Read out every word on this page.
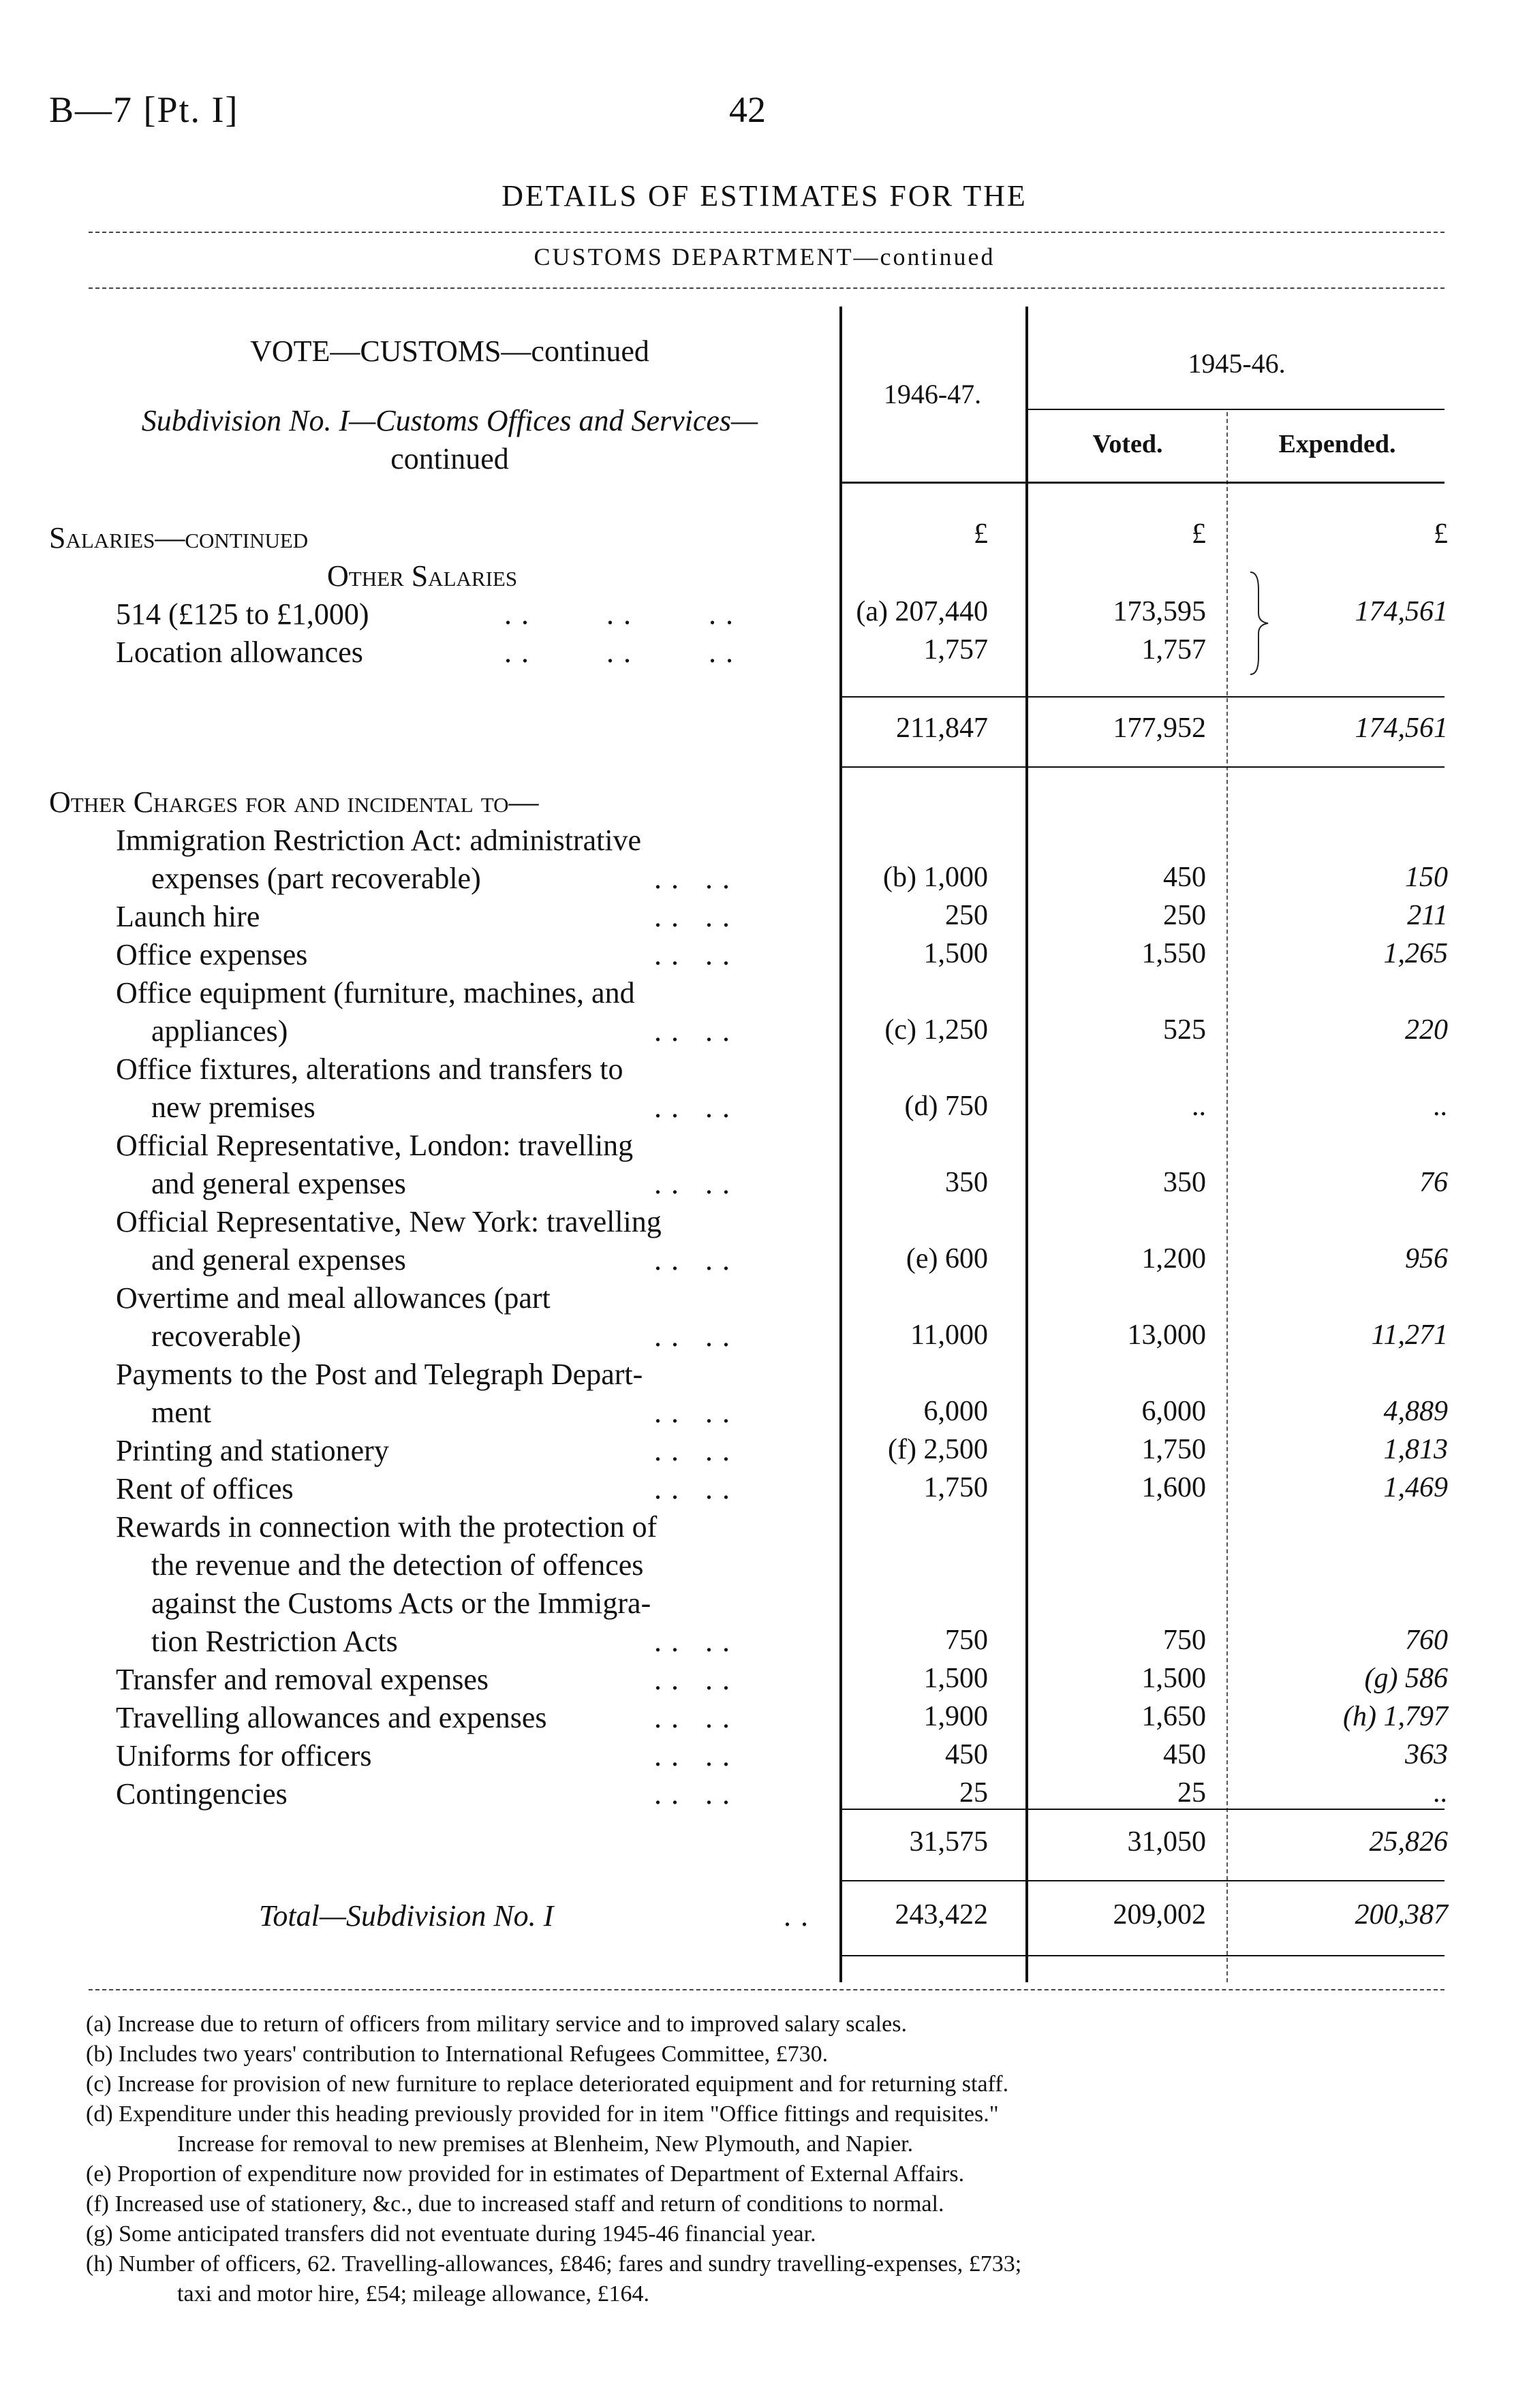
B—7 [Pt. I]	42
DETAILS OF ESTIMATES FOR THE
CUSTOMS DEPARTMENT—continued
1946-47.
1945-46.
Voted.	Expended.
VOTE—CUSTOMS—continued
Subdivision No. I—Customs Offices and Services—
continued
£	£	£
Salaries—continued
Other Salaries
514 (£125 to £1,000)	..    ..    ..	(a) 207,440	173,595	174,561
Location allowances	..    ..    ..	1,757	1,757
211,847	177,952	174,561
Other Charges for and incidental to—
Immigration Restriction Act: administrative
expenses (part recoverable)	.. ..	(b) 1,000	450	150
Launch hire	.. ..	250	250	211
Office expenses	.. ..	1,500	1,550	1,265
Office equipment (furniture, machines, and
appliances)	.. ..	(c) 1,250	525	220
Office fixtures, alterations and transfers to
new premises	.. ..	(d) 750	..	..
Official Representative, London: travelling
and general expenses	.. ..	350	350	76
Official Representative, New York: travelling
and general expenses	.. ..	(e) 600	1,200	956
Overtime and meal allowances (part
recoverable)	.. ..	11,000	13,000	11,271
Payments to the Post and Telegraph Depart-
ment	.. ..	6,000	6,000	4,889
Printing and stationery	.. ..	(f) 2,500	1,750	1,813
Rent of offices	.. ..	1,750	1,600	1,469
Rewards in connection with the protection of
the revenue and the detection of offences
against the Customs Acts or the Immigra-
tion Restriction Acts	.. ..	750	750	760
Transfer and removal expenses	.. ..	1,500	1,500	(g) 586
Travelling allowances and expenses	.. ..	1,900	1,650	(h) 1,797
Uniforms for officers	.. ..	450	450	363
Contingencies	.. ..	25	25	..
31,575	31,050	25,826
Total—Subdivision No. I	..	243,422	209,002	200,387
(a) Increase due to return of officers from military service and to improved salary scales.
(b) Includes two years' contribution to International Refugees Committee, £730.
(c) Increase for provision of new furniture to replace deteriorated equipment and for returning staff.
(d) Expenditure under this heading previously provided for in item "Office fittings and requisites."
Increase for removal to new premises at Blenheim, New Plymouth, and Napier.
(e) Proportion of expenditure now provided for in estimates of Department of External Affairs.
(f) Increased use of stationery, &c., due to increased staff and return of conditions to normal.
(g) Some anticipated transfers did not eventuate during 1945-46 financial year.
(h) Number of officers, 62. Travelling-allowances, £846; fares and sundry travelling-expenses, £733;
taxi and motor hire, £54; mileage allowance, £164.
